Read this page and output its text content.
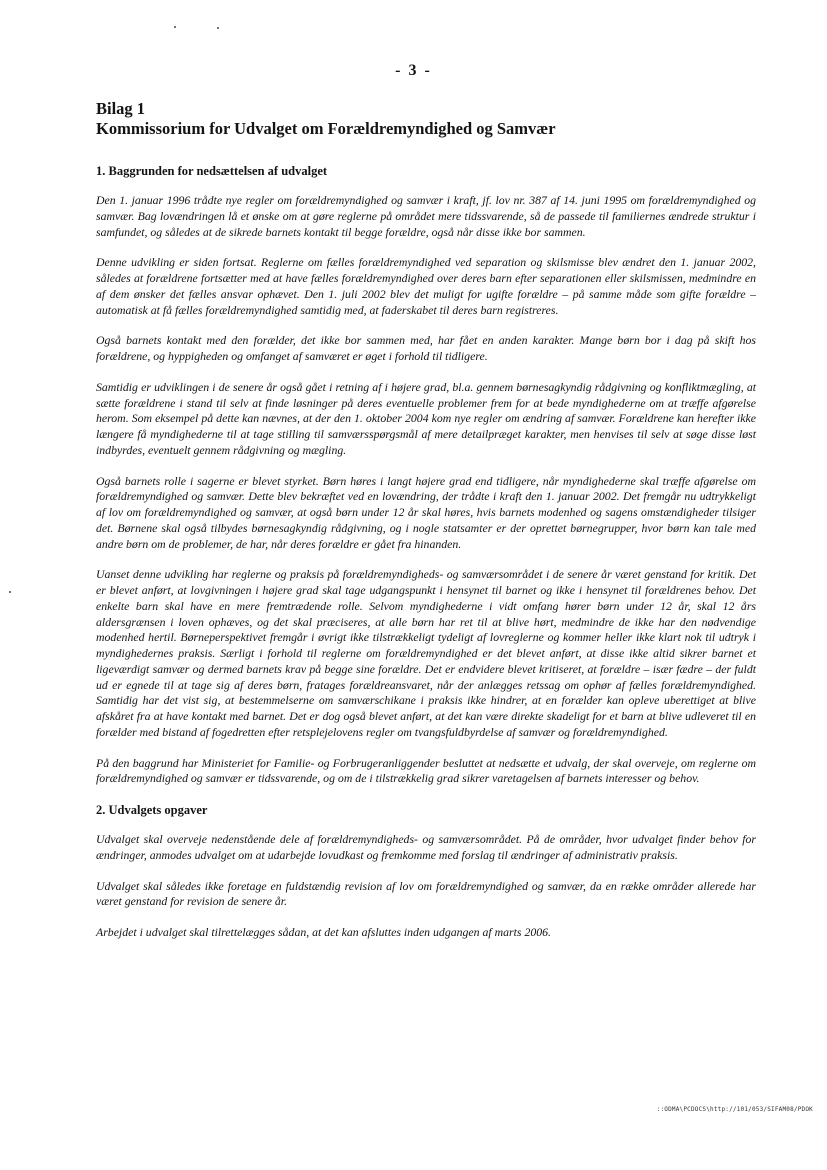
- 3 -
Bilag 1
Kommissorium for Udvalget om Forældremyndighed og Samvær
1. Baggrunden for nedsættelsen af udvalget

Den 1. januar 1996 trådte nye regler om forældremyndighed og samvær i kraft, jf. lov nr. 387 af 14. juni 1995 om forældremyndighed og samvær. Bag lovændringen lå et ønske om at gøre reglerne på området mere tidssvarende, så de passede til familiernes ændrede struktur i samfundet, og således at de sikrede barnets kontakt til begge forældre, også når disse ikke bor sammen.

Denne udvikling er siden fortsat. Reglerne om fælles forældremyndighed ved separation og skilsmisse blev ændret den 1. januar 2002, således at forældrene fortsætter med at have fælles forældremyndighed over deres barn efter separationen eller skilsmissen, medmindre en af dem ønsker det fælles ansvar ophævet. Den 1. juli 2002 blev det muligt for ugifte forældre – på samme måde som gifte forældre – automatisk at få fælles forældremyndighed samtidig med, at faderskabet til deres barn registreres.

Også barnets kontakt med den forælder, det ikke bor sammen med, har fået en anden karakter. Mange børn bor i dag på skift hos forældrene, og hyppigheden og omfanget af samværet er øget i forhold til tidligere.

Samtidig er udviklingen i de senere år også gået i retning af i højere grad, bl.a. gennem børnesagkyndig rådgivning og konfliktmægling, at sætte forældrene i stand til selv at finde løsninger på deres eventuelle problemer frem for at bede myndighederne om at træffe afgørelse herom. Som eksempel på dette kan nævnes, at der den 1. oktober 2004 kom nye regler om ændring af samvær. Forældrene kan herefter ikke længere få myndighederne til at tage stilling til samværsspørgsmål af mere detailpræget karakter, men henvises til selv at søge disse løst indbyrdes, eventuelt gennem rådgivning og mægling.

Også barnets rolle i sagerne er blevet styrket. Børn høres i langt højere grad end tidligere, når myndighederne skal træffe afgørelse om forældremyndighed og samvær. Dette blev bekræftet ved en lovændring, der trådte i kraft den 1. januar 2002. Det fremgår nu udtrykkeligt af lov om forældremyndighed og samvær, at også børn under 12 år skal høres, hvis barnets modenhed og sagens omstændigheder tilsiger det. Børnene skal også tilbydes børnesagkyndig rådgivning, og i nogle statsamter er der oprettet børnegrupper, hvor børn kan tale med andre børn om de problemer, de har, når deres forældre er gået fra hinanden.

Uanset denne udvikling har reglerne og praksis på forældremyndigheds- og samværsområdet i de senere år været genstand for kritik. Det er blevet anført, at lovgivningen i højere grad skal tage udgangspunkt i hensynet til barnet og ikke i hensynet til forældrenes behov. Det enkelte barn skal have en mere fremtrædende rolle. Selvom myndighederne i vidt omfang hører børn under 12 år, skal 12 års aldersgrænsen i loven ophæves, og det skal præciseres, at alle børn har ret til at blive hørt, medmindre de ikke har den nødvendige modenhed hertil. Børneperspektivet fremgår i øvrigt ikke tilstrækkeligt tydeligt af lovreglerne og kommer heller ikke klart nok til udtryk i myndighedernes praksis. Særligt i forhold til reglerne om forældremyndighed er det blevet anført, at disse ikke altid sikrer barnet et ligeværdigt samvær og dermed barnets krav på begge sine forældre. Det er endvidere blevet kritiseret, at forældre – især fædre – der fuldt ud er egnede til at tage sig af deres børn, fratages forældreansvaret, når der anlægges retssag om ophør af fælles forældremyndighed. Samtidig har det vist sig, at bestemmelserne om samværschikane i praksis ikke hindrer, at en forælder kan opleve uberettiget at blive afskåret fra at have kontakt med barnet. Det er dog også blevet anført, at det kan være direkte skadeligt for et barn at blive udleveret til en forælder med bistand af fogedretten efter retsplejelovens regler om tvangsfuldbyrdelse af samvær og forældremyndighed.

På den baggrund har Ministeriet for Familie- og Forbrugeranliggender besluttet at nedsætte et udvalg, der skal overveje, om reglerne om forældremyndighed og samvær er tidssvarende, og om de i tilstrækkelig grad sikrer varetagelsen af barnets interesser og behov.

2. Udvalgets opgaver

Udvalget skal overveje nedenstående dele af forældremyndigheds- og samværsområdet. På de områder, hvor udvalget finder behov for ændringer, anmodes udvalget om at udarbejde lovudkast og fremkomme med forslag til ændringer af administrativ praksis.

Udvalget skal således ikke foretage en fuldstændig revision af lov om forældremyndighed og samvær, da en række områder allerede har været genstand for revision de senere år.

Arbejdet i udvalget skal tilrettelægges sådan, at det kan afsluttes inden udgangen af marts 2006.

::ODMA\PCDOCS\http://101/053/SIFAM08/PDOK
